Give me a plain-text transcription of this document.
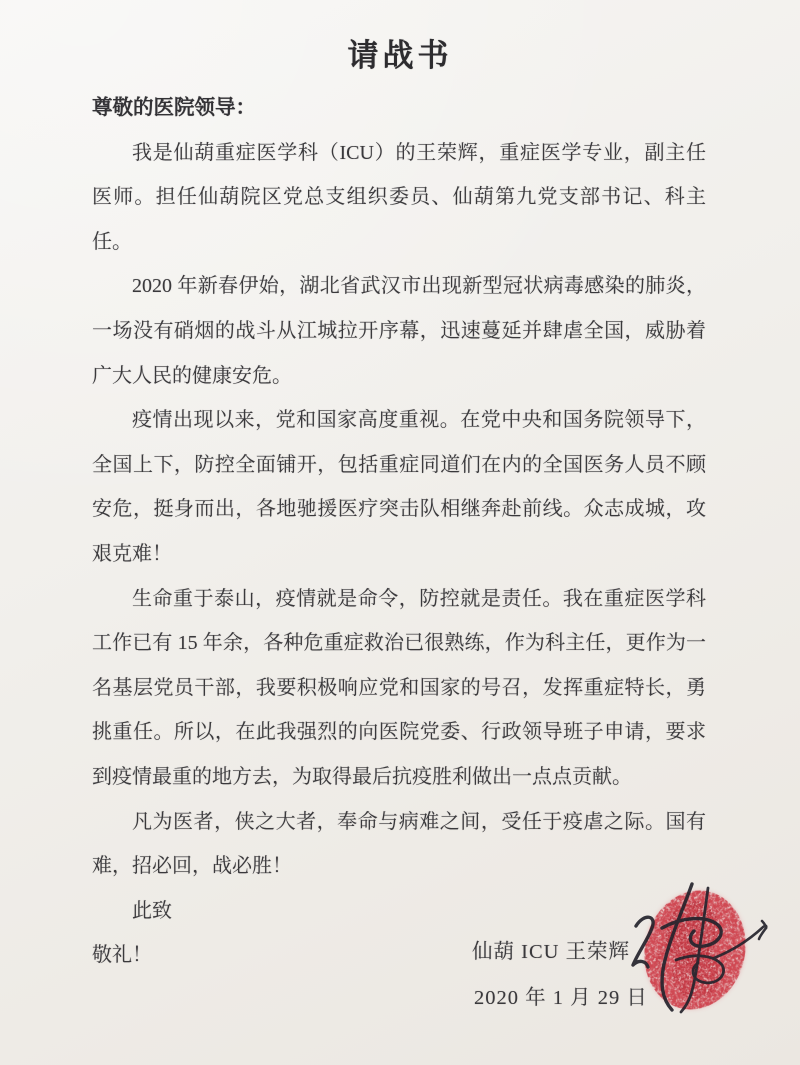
请战书

尊敬的医院领导：

我是仙葫重症医学科（ICU）的王荣辉，重症医学专业，副主任医师。担任仙葫院区党总支组织委员、仙葫第九党支部书记、科主任。

2020 年新春伊始，湖北省武汉市出现新型冠状病毒感染的肺炎，一场没有硝烟的战斗从江城拉开序幕，迅速蔓延并肆虐全国，威胁着广大人民的健康安危。

疫情出现以来，党和国家高度重视。在党中央和国务院领导下，全国上下，防控全面铺开，包括重症同道们在内的全国医务人员不顾安危，挺身而出，各地驰援医疗突击队相继奔赴前线。众志成城，攻艰克难！

生命重于泰山，疫情就是命令，防控就是责任。我在重症医学科工作已有 15 年余，各种危重症救治已很熟练，作为科主任，更作为一名基层党员干部，我要积极响应党和国家的号召，发挥重症特长，勇挑重任。所以，在此我强烈的向医院党委、行政领导班子申请，要求到疫情最重的地方去，为取得最后抗疫胜利做出一点点贡献。

凡为医者，侠之大者，奉命与病难之间，受任于疫虐之际。国有难，招必回，战必胜！

此致

敬礼！	仙葫 ICU 王荣辉
2020 年 1 月 29 日
